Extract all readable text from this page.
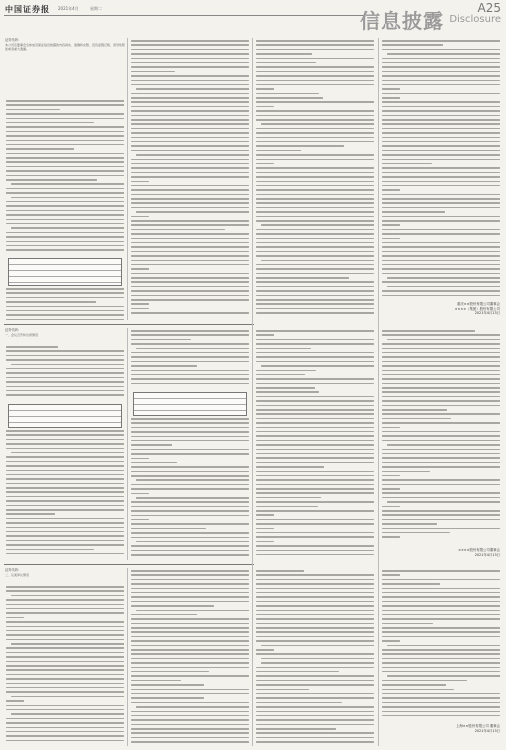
中国证券报 2021年4月	星期二
信息披露
A25
Disclosure
证券代码：
本公司及董事会全体成员保证信息披露的内容真实、准确和完整，没有虚假记载、误导性陈述或者重大遗漏。
证券代码：
一、会议召开和出席情况
证券代码：
二、议案审议情况
重庆××股份有限公司董事会
××××（集团）股份有限公司
2021年4月13日
××××股份有限公司董事会
2021年4月13日
上海××股份有限公司 董事会
2021年4月13日
